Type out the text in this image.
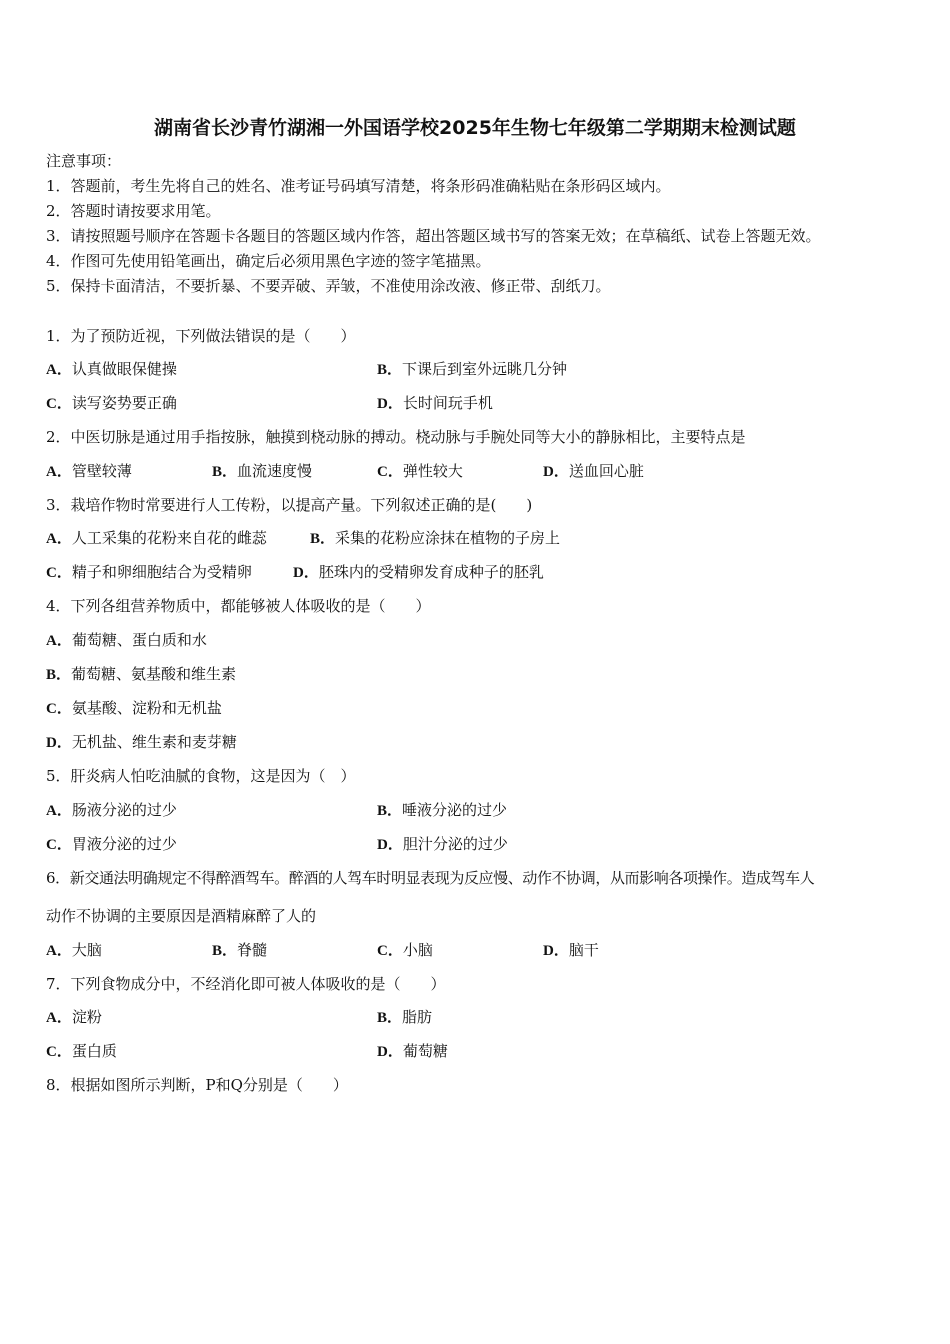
湖南省长沙青竹湖湘一外国语学校2025年生物七年级第二学期期末检测试题
注意事项：
1．答题前，考生先将自己的姓名、准考证号码填写清楚，将条形码准确粘贴在条形码区域内。
2．答题时请按要求用笔。
3．请按照题号顺序在答题卡各题目的答题区域内作答，超出答题区域书写的答案无效；在草稿纸、试卷上答题无效。
4．作图可先使用铅笔画出，确定后必须用黑色字迹的签字笔描黑。
5．保持卡面清洁，不要折暴、不要弄破、弄皱，不准使用涂改液、修正带、刮纸刀。
1．为了预防近视，下列做法错误的是（　　）
A．认真做眼保健操	B．下课后到室外远眺几分钟
C．读写姿势要正确	D．长时间玩手机
2．中医切脉是通过用手指按脉，触摸到桡动脉的搏动。桡动脉与手腕处同等大小的静脉相比，主要特点是
A．管壁较薄	B．血流速度慢	C．弹性较大	D．送血回心脏
3．栽培作物时常要进行人工传粉，以提高产量。下列叙述正确的是(　　)
A．人工采集的花粉来自花的雌蕊	B．采集的花粉应涂抹在植物的子房上
C．精子和卵细胞结合为受精卵	D．胚珠内的受精卵发育成种子的胚乳
4．下列各组营养物质中，都能够被人体吸收的是（　　）
A．葡萄糖、蛋白质和水
B．葡萄糖、氨基酸和维生素
C．氨基酸、淀粉和无机盐
D．无机盐、维生素和麦芽糖
5．肝炎病人怕吃油腻的食物，这是因为（　）
A．肠液分泌的过少	B．唾液分泌的过少
C．胃液分泌的过少	D．胆汁分泌的过少
6．新交通法明确规定不得醉酒驾车。醉酒的人驾车时明显表现为反应慢、动作不协调，从而影响各项操作。造成驾车人
动作不协调的主要原因是酒精麻醉了人的
A．大脑	B．脊髓	C．小脑	D．脑干
7．下列食物成分中，不经消化即可被人体吸收的是（　　）
A．淀粉	B．脂肪
C．蛋白质	D．葡萄糖
8．根据如图所示判断，P和Q分别是（　　）
